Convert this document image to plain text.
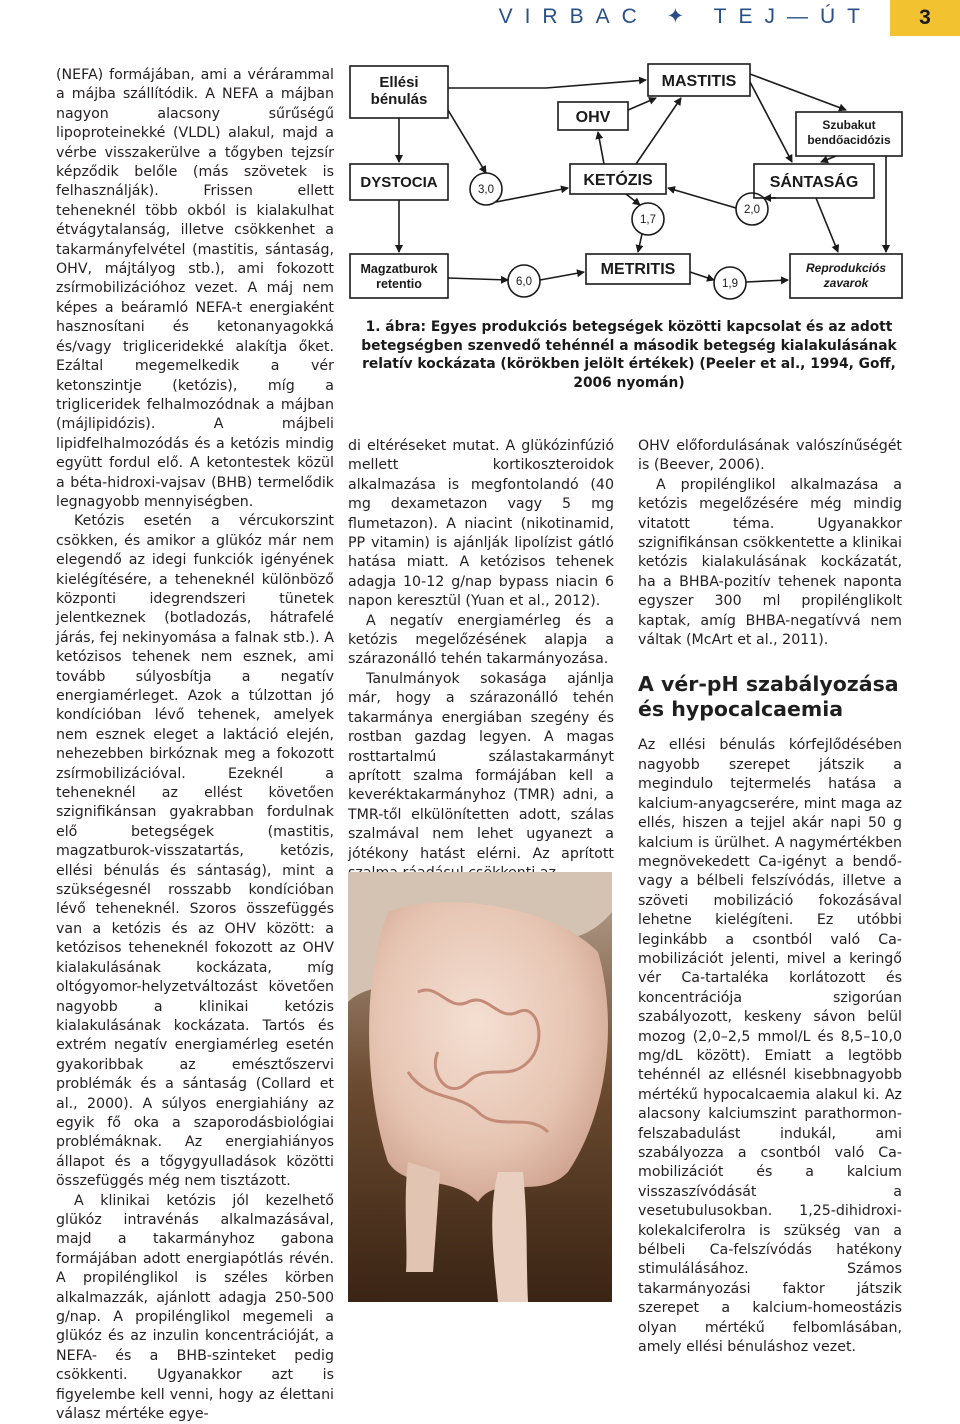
VIRBAC ✦ TEJ—ÚT	3

(NEFA) formájában, ami a vérárammal a májba szállítódik. A NEFA a májban nagyon alacsony sűrűségű lipoproteinekké (VLDL) alakul, majd a vérbe visszakerülve a tőgyben tejzsír képződik belőle (más szövetek is felhasználják). Frissen ellett teheneknél több okból is kialakulhat étvágytalanság, illetve csökkenhet a takarmányfelvétel (mastitis, sántaság, OHV, májtályog stb.), ami fokozott zsírmobilizációhoz vezet. A máj nem képes a beáramló NEFA-t energiaként hasznosítani és ketonanyagokká és/vagy trigliceridekké alakítja őket. Ezáltal megemelkedik a vér ketonszintje (ketózis), míg a trigliceridek felhalmozódnak a májban (májlipidózis). A májbeli lipidfelhalmozódás és a ketózis mindig együtt fordul elő. A ketontestek közül a béta-hidroxi-vajsav (BHB) termelődik legnagyobb mennyiségben.

Ketózis esetén a vércukorszint csökken, és amikor a glükóz már nem elegendő az idegi funkciók igényének kielégítésére, a teheneknél különböző központi idegrendszeri tünetek jelentkeznek (botladozás, hátrafelé járás, fej nekinyomása a falnak stb.). A ketózisos tehenek nem esznek, ami tovább súlyosbítja a negatív energiamérleget. Azok a túlzottan jó kondícióban lévő tehenek, amelyek nem esznek eleget a laktáció elején, nehezebben birkóznak meg a fokozott zsírmobilizációval. Ezeknél a teheneknél az ellést követően szignifikánsan gyakrabban fordulnak elő betegségek (mastitis, magzatburok-visszatartás, ketózis, ellési bénulás és sántaság), mint a szükségesnél rosszabb kondícióban lévő teheneknél. Szoros összefüggés van a ketózis és az OHV között: a ketózisos teheneknél fokozott az OHV kialakulásának kockázata, míg oltógyomor-helyzetváltozást követően nagyobb a klinikai ketózis kialakulásának kockázata. Tartós és extrém negatív energiamérleg esetén gyakoribbak az emésztőszervi problémák és a sántaság (Collard et al., 2000). A súlyos energiahiány az egyik fő oka a szaporodásbiológiai problémáknak. Az energiahiányos állapot és a tőgygyulladások közötti összefüggés még nem tisztázott.

A klinikai ketózis jól kezelhető glükóz intravénás alkalmazásával, majd a takarmányhoz gabona formájában adott energiapótlás révén. A propilénglikol is széles körben alkalmazzák, ajánlott adagja 250-500 g/nap. A propilénglikol megemeli a glükóz és az inzulin koncentrációját, a NEFA- és a BHB-szinteket pedig csökkenti. Ugyanakkor azt is figyelembe kell venni, hogy az élettani válasz mértéke egye-

Ellési
bénulás
MASTITIS
OHV	Szubakut
bendőacidózis
DYSTOCIA	KETÓZIS	SÁNTASÁG
Magzatburok
retentio
METRITIS	Reprodukciós
zavarok
3,0
1,7
2,0
6,0	1,9
1. ábra: Egyes produkciós betegségek közötti kapcsolat és az adott betegségben szenvedő tehénnél a második betegség kialakulásának relatív kockázata (körökben jelölt értékek) (Peeler et al., 1994, Goff, 2006 nyomán)

di eltéréseket mutat. A glükózinfúzió mellett kortikoszteroidok alkalmazása is megfontolandó (40 mg dexametazon vagy 5 mg flumetazon). A niacint (nikotinamid, PP vitamin) is ajánlják lipolízist gátló hatása miatt. A ketózisos tehenek adagja 10-12 g/nap bypass niacin 6 napon keresztül (Yuan et al., 2012).

A negatív energiamérleg és a ketózis megelőzésének alapja a szárazonálló tehén takarmányozása.

Tanulmányok sokasága ajánlja már, hogy a szárazonálló tehén takarmánya energiában szegény és rostban gazdag legyen. A magas rosttartalmú szálastakarmányt aprított szalma formájában kell a keveréktakarmányhoz (TMR) adni, a TMR-től elkülönítetten adott, szálas szalmával nem lehet ugyanezt a jótékony hatást elérni. Az aprított

OHV előfordulásának valószínűségét is (Beever, 2006).

A propilénglikol alkalmazása a ketózis megelőzésére még mindig vitatott téma. Ugyanakkor szignifikánsan csökkentette a klinikai ketózis kialakulásának kockázatát, ha a BHBA-pozitív tehenek naponta egyszer 300 ml propilénglikolt kaptak, amíg BHBA-negatívvá nem váltak (McArt et al., 2011).

A vér-pH szabályozása és hypocalcaemia

Az ellési bénulás kórfejlődésében nagyobb szerepet játszik a megindulo tejtermelés hatása a kalcium-anyagcserére, mint maga az ellés, hiszen a tejjel akár napi 50 g kalcium is ürülhet. A nagymértékben megnövekedett Ca-igényt a bendő- vagy a bélbeli felszívódás, illetve a szöveti mobilizáció fokozásával lehetne kielégíteni. Ez utóbbi leginkább a csontból való Ca-mobilizációt jelenti, mivel a keringő vér Ca-tartaléka korlátozott és koncentrációja szigorúan szabályozott, keskeny sávon belül mozog (2,0–2,5 mmol/L és 8,5–10,0 mg/dL között). Emiatt a legtöbb tehénnél az ellésnél kisebbnagyobb mértékű hypocalcaemia alakul ki. Az alacsony kalciumszint parathormon-felszabadulást indukál, ami szabályozza a csontból való Ca-mobilizációt és a kalcium visszaszívódását a vesetubulusokban. 1,25-dihidroxi-kolekalciferolra is szükség van a bélbeli Ca-felszívódás hatékony stimulálásához. Számos takarmányozási faktor játszik szerepet a kalcium-homeostázis olyan mértékű felbomlásában, amely ellési bénuláshoz vezet.
